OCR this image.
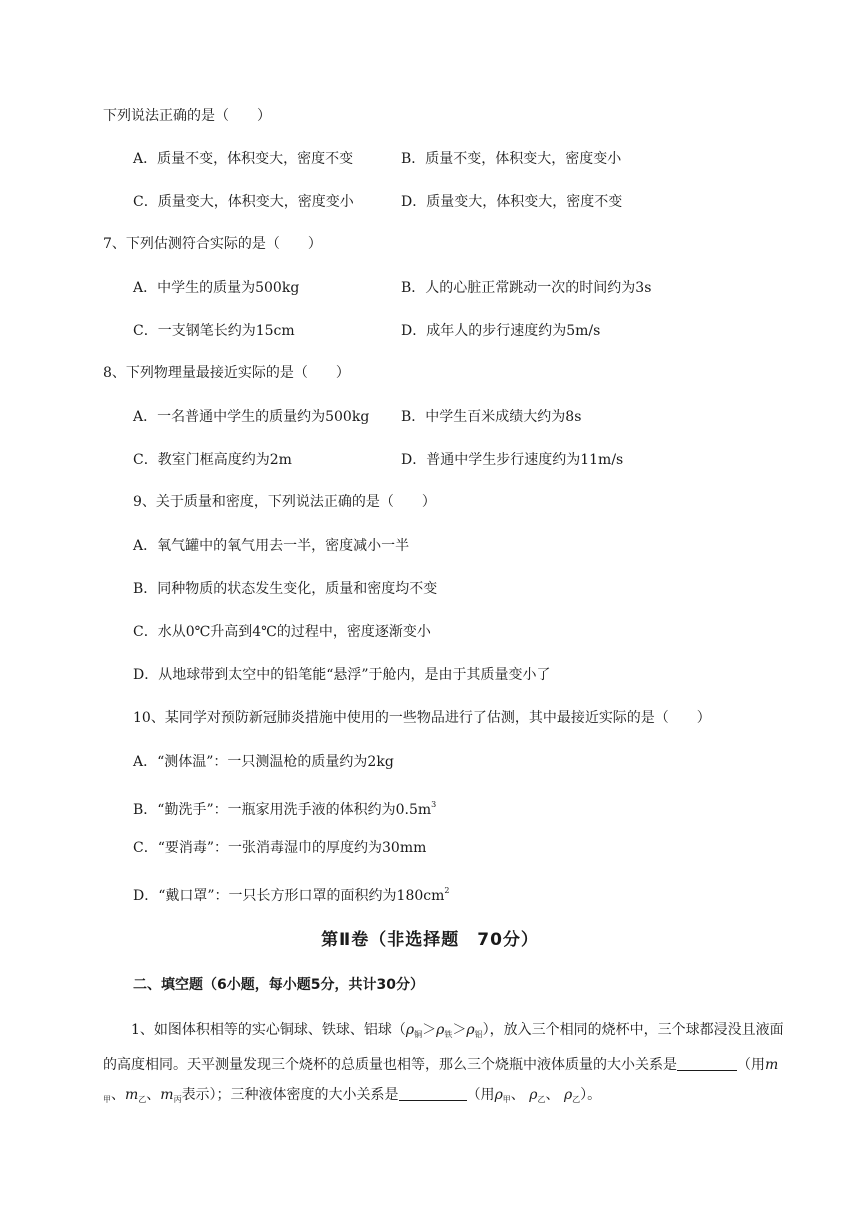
下列说法正确的是（　　）
A．质量不变，体积变大，密度不变	B．质量不变，体积变大，密度变小
C．质量变大，体积变大，密度变小	D．质量变大，体积变大，密度不变
7、下列估测符合实际的是（　　）
A．中学生的质量为500kg	B．人的心脏正常跳动一次的时间约为3s
C．一支钢笔长约为15cm	D．成年人的步行速度约为5m/s
8、下列物理量最接近实际的是（　　）
A．一名普通中学生的质量约为500kg	B．中学生百米成绩大约为8s
C．教室门框高度约为2m	D．普通中学生步行速度约为11m/s
9、关于质量和密度，下列说法正确的是（　　）
A．氧气罐中的氧气用去一半，密度减小一半
B．同种物质的状态发生变化，质量和密度均不变
C．水从0℃升高到4℃的过程中，密度逐渐变小
D．从地球带到太空中的铅笔能“悬浮”于舱内，是由于其质量变小了
10、某同学对预防新冠肺炎措施中使用的一些物品进行了估测，其中最接近实际的是（　　）
A．“测体温”：一只测温枪的质量约为2kg
B．“勤洗手”：一瓶家用洗手液的体积约为$0.5m^3$
C．“要消毒”：一张消毒湿巾的厚度约为30mm
D．“戴口罩”：一只长方形口罩的面积约为$180cm^2$
第Ⅱ卷（非选择题　70分）
二、填空题（6小题，每小题5分，共计30分）
1、如图体积相等的实心铜球、铁球、铝球$(\rho_铜>\rho_铁>\rho_铝)$，放入三个相同的烧杯中，三个球都浸没且液面的高度相同。天平测量发现三个烧杯的总质量也相等，那么三个烧瓶中液体质量的大小关系是	（用$m_甲$、$m_乙$、$m_丙$表示）；三种液体密度的大小关系是	（用$\rho_甲$、 $\rho_乙$、 $\rho_乙$）。
